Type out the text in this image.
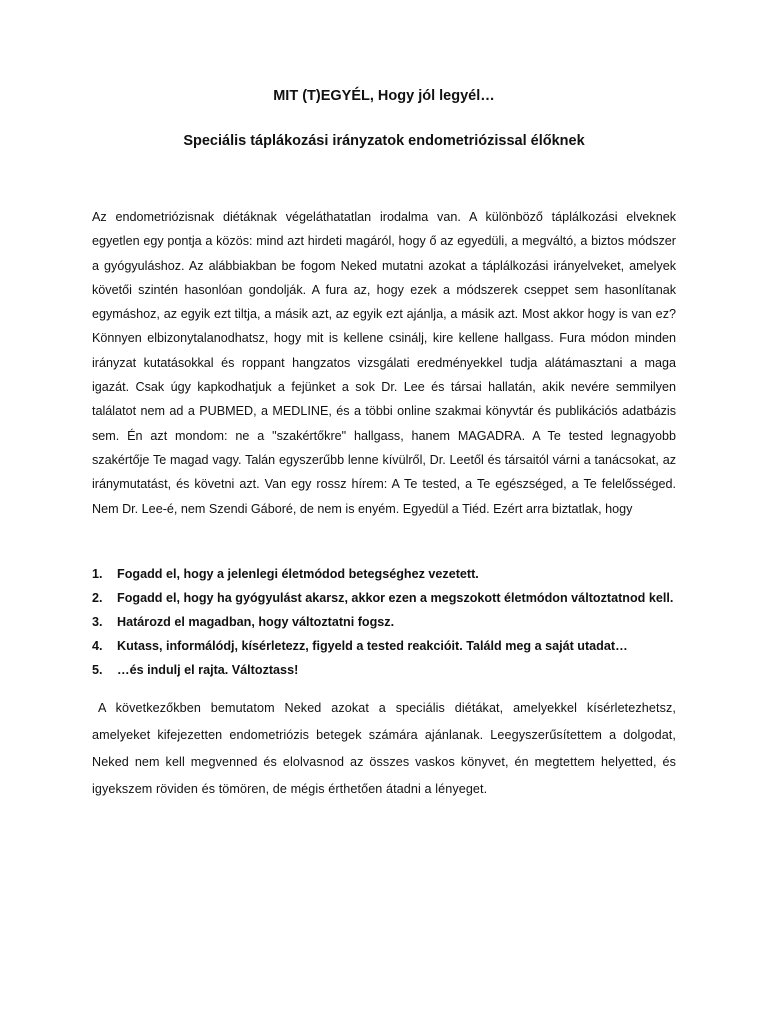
MIT (T)EGYÉL, Hogy jól legyél…
Speciális táplákozási irányzatok endometriózissal élőknek

Az endometriózisnak diétáknak végeláthatatlan irodalma van. A különböző táplálkozási elveknek egyetlen egy pontja a közös: mind azt hirdeti magáról, hogy ő az egyedüli, a megváltó, a biztos módszer a gyógyuláshoz. Az alábbiakban be fogom Neked mutatni azokat a táplálkozási irányelveket, amelyek követői szintén hasonlóan gondolják. A fura az, hogy ezek a módszerek cseppet sem hasonlítanak egymáshoz, az egyik ezt tiltja, a másik azt, az egyik ezt ajánlja, a másik azt. Most akkor hogy is van ez? Könnyen elbizonytalanodhatsz, hogy mit is kellene csinálj, kire kellene hallgass. Fura módon minden irányzat kutatásokkal és roppant hangzatos vizsgálati eredményekkel tudja alátámasztani a maga igazát. Csak úgy kapkodhatjuk a fejünket a sok Dr. Lee és társai hallatán, akik nevére semmilyen találatot nem ad a PUBMED, a MEDLINE, és a többi online szakmai könyvtár és publikációs adatbázis sem. Én azt mondom: ne a "szakértőkre" hallgass, hanem MAGADRA. A Te tested legnagyobb szakértője Te magad vagy. Talán egyszerűbb lenne kívülről, Dr. Leetől és társaitól várni a tanácsokat, az iránymutatást, és követni azt. Van egy rossz hírem: A Te tested, a Te egészséged, a Te felelősséged. Nem Dr. Lee-é, nem Szendi Gáboré, de nem is enyém. Egyedül a Tiéd. Ezért arra biztatlak, hogy

1.	Fogadd el, hogy a jelenlegi életmódod betegséghez vezetett.
2.	Fogadd el, hogy ha gyógyulást akarsz, akkor ezen a megszokott életmódon változtatnod kell.
3.	Határozd el magadban, hogy változtatni fogsz.
4.	Kutass, informálódj, kísérletezz, figyeld a tested reakcióit. Találd meg a saját utadat…
5.	…és indulj el rajta. Változtass!

A következőkben bemutatom Neked azokat a speciális diétákat, amelyekkel kísérletezhetsz, amelyeket kifejezetten endometriózis betegek számára ajánlanak. Leegyszerűsítettem a dolgodat, Neked nem kell megvenned és elolvasnod az összes vaskos könyvet, én megtettem helyetted, és igyekszem röviden és tömören, de mégis érthetően átadni a lényeget.
